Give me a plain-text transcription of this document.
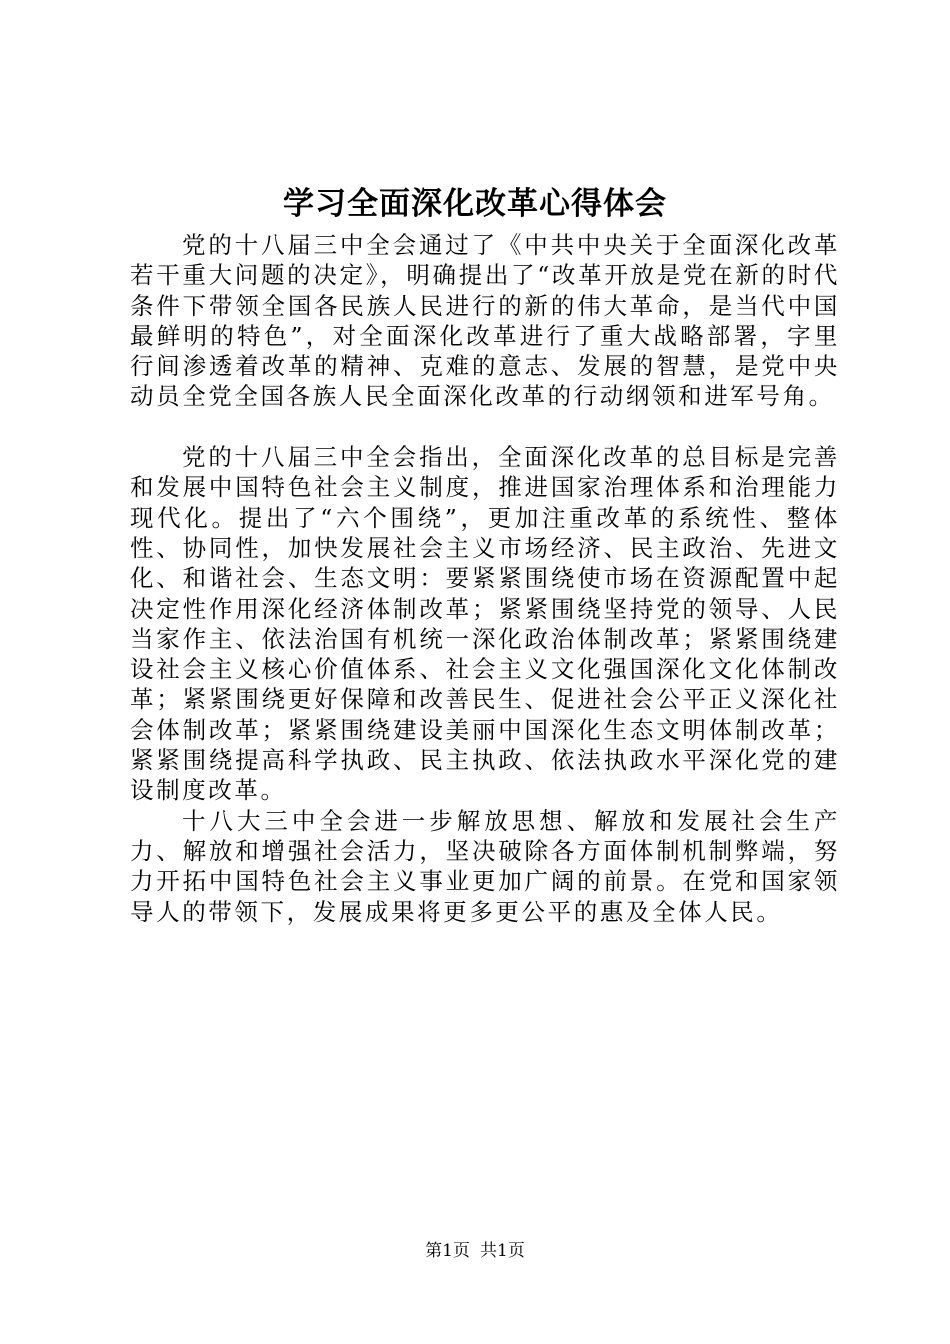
学习全面深化改革心得体会

党的十八届三中全会通过了《中共中央关于全面深化改革若干重大问题的决定》，明确提出了“改革开放是党在新的时代条件下带领全国各民族人民进行的新的伟大革命，是当代中国最鲜明的特色”，对全面深化改革进行了重大战略部署，字里行间渗透着改革的精神、克难的意志、发展的智慧，是党中央动员全党全国各族人民全面深化改革的行动纲领和进军号角。

党的十八届三中全会指出，全面深化改革的总目标是完善和发展中国特色社会主义制度，推进国家治理体系和治理能力现代化。提出了“六个围绕”，更加注重改革的系统性、整体性、协同性，加快发展社会主义市场经济、民主政治、先进文化、和谐社会、生态文明：要紧紧围绕使市场在资源配置中起决定性作用深化经济体制改革；紧紧围绕坚持党的领导、人民当家作主、依法治国有机统一深化政治体制改革；紧紧围绕建设社会主义核心价值体系、社会主义文化强国深化文化体制改革；紧紧围绕更好保障和改善民生、促进社会公平正义深化社会体制改革；紧紧围绕建设美丽中国深化生态文明体制改革；紧紧围绕提高科学执政、民主执政、依法执政水平深化党的建设制度改革。

十八大三中全会进一步解放思想、解放和发展社会生产力、解放和增强社会活力，坚决破除各方面体制机制弊端，努力开拓中国特色社会主义事业更加广阔的前景。在党和国家领导人的带领下，发展成果将更多更公平的惠及全体人民。

第1页 共1页
